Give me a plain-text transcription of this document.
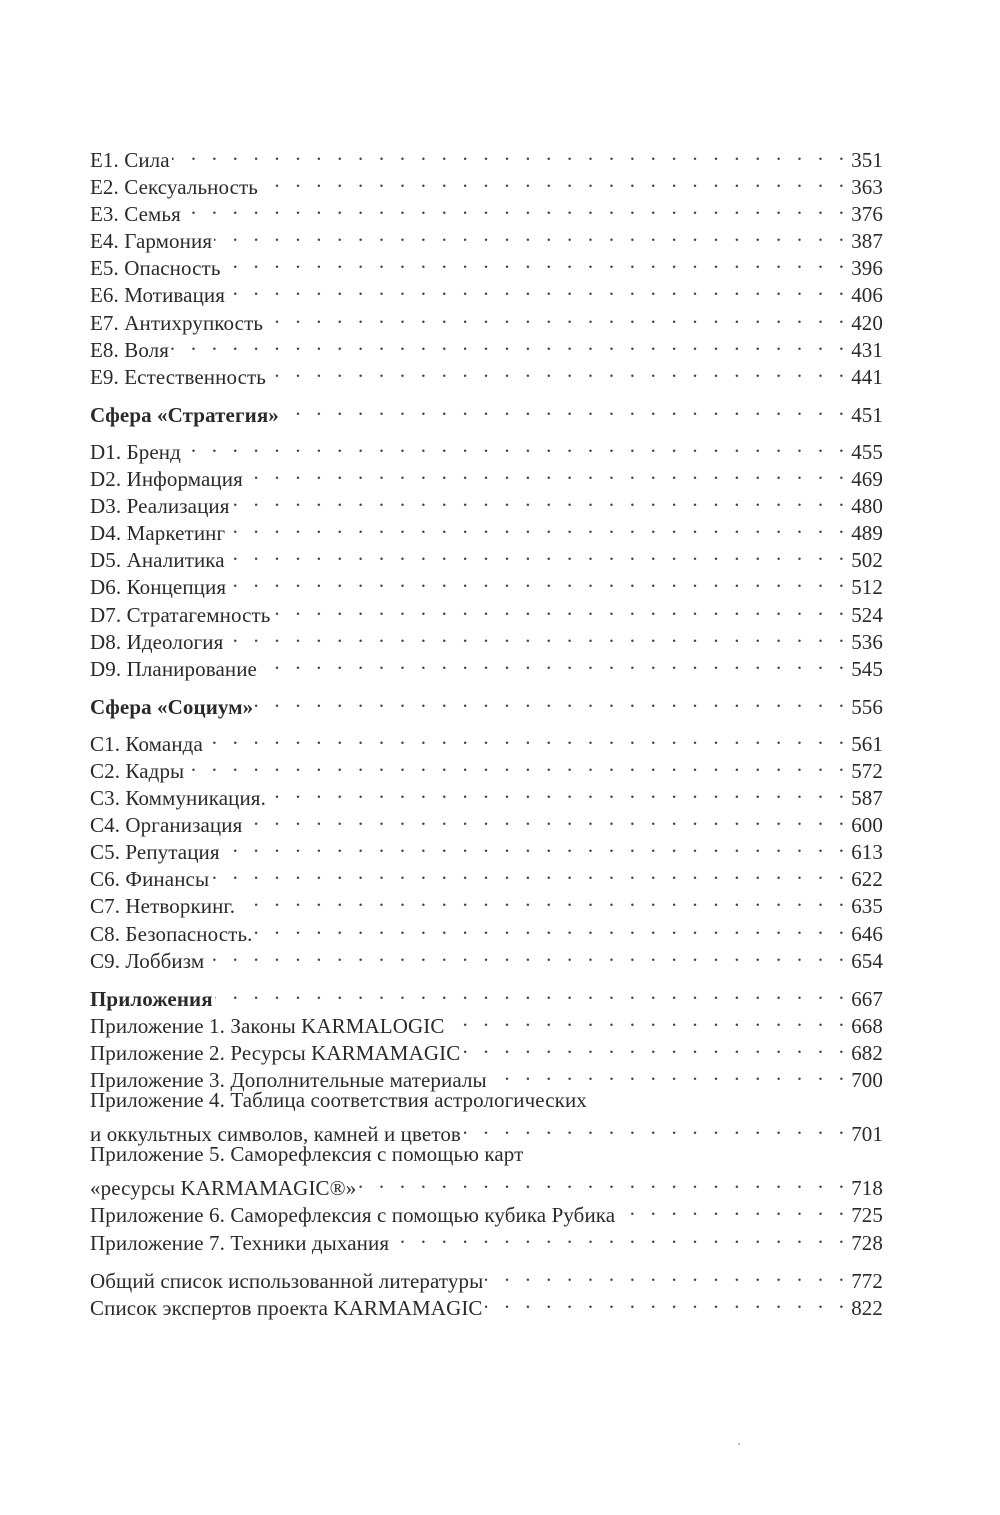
E1. Сила . . .	351
E2. Сексуальность . . .	363
E3. Семья . . .	376
E4. Гармония . . .	387
E5. Опасность . . .	396
E6. Мотивация . . .	406
E7. Антихрупкость . . .	420
E8. Воля . . .	431
E9. Естественность . . .	441
Сфера «Стратегия» . . .	451
D1. Бренд . . .	455
D2. Информация . . .	469
D3. Реализация . . .	480
D4. Маркетинг . . .	489
D5. Аналитика . . .	502
D6. Концепция . . .	512
D7. Стратагемность . . .	524
D8. Идеология . . .	536
D9. Планирование . . .	545
Сфера «Социум» . . .	556
C1. Команда . . .	561
C2. Кадры . . .	572
C3. Коммуникация. . . .	587
C4. Организация . . .	600
C5. Репутация . . .	613
C6. Финансы . . .	622
C7. Нетворкинг. . . .	635
C8. Безопасность. . . .	646
C9. Лоббизм . . .	654
Приложения . . .	667
Приложение 1. Законы KARMALOGIC . . .	668
Приложение 2. Ресурсы KARMAMAGIC . . .	682
Приложение 3. Дополнительные материалы . . .	700
Приложение 4. Таблица соответствия астрологических
и оккультных символов, камней и цветов . . .	701
Приложение 5. Саморефлексия с помощью карт
«ресурсы KARMAMAGIC®» . . .	718
Приложение 6. Саморефлексия с помощью кубика Рубика . . .	725
Приложение 7. Техники дыхания . . .	728
Общий список использованной литературы . . .	772
Список экспертов проекта KARMAMAGIC . . .	822
